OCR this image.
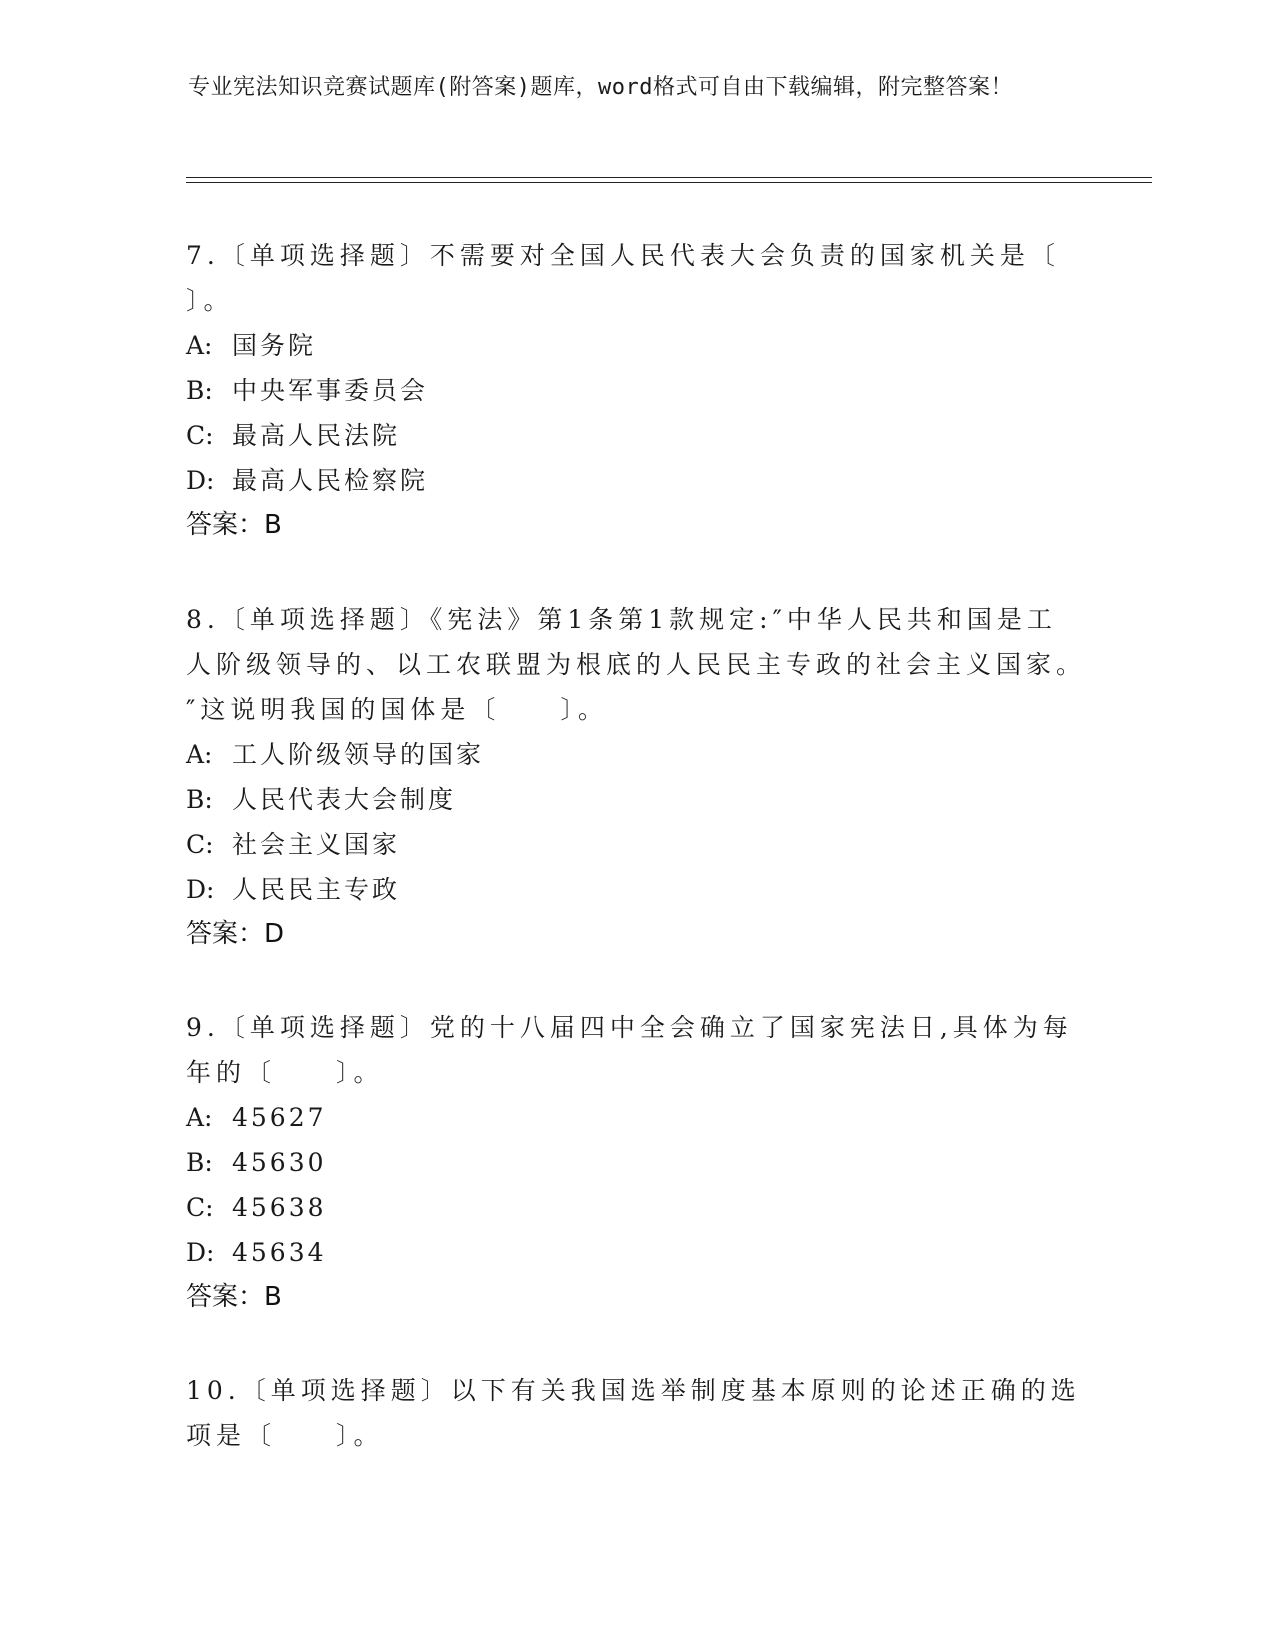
专业宪法知识竞赛试题库(附答案)题库，word格式可自由下载编辑，附完整答案！

7.〔单项选择题〕不需要对全国人民代表大会负责的国家机关是〔　　〕。

A: 国务院

B: 中央军事委员会

C: 最高人民法院

D: 最高人民检察院

答案：B

8.〔单项选择题〕《宪法》第1条第1款规定:″中华人民共和国是工人阶级领导的、以工农联盟为根底的人民民主专政的社会主义国家。″这说明我国的国体是〔　　〕。

A: 工人阶级领导的国家

B: 人民代表大会制度

C: 社会主义国家

D: 人民民主专政

答案：D

9.〔单项选择题〕党的十八届四中全会确立了国家宪法日,具体为每年的〔　　〕。

A: 45627

B: 45630

C: 45638

D: 45634

答案：B

10.〔单项选择题〕以下有关我国选举制度基本原则的论述正确的选项是〔　　〕。
